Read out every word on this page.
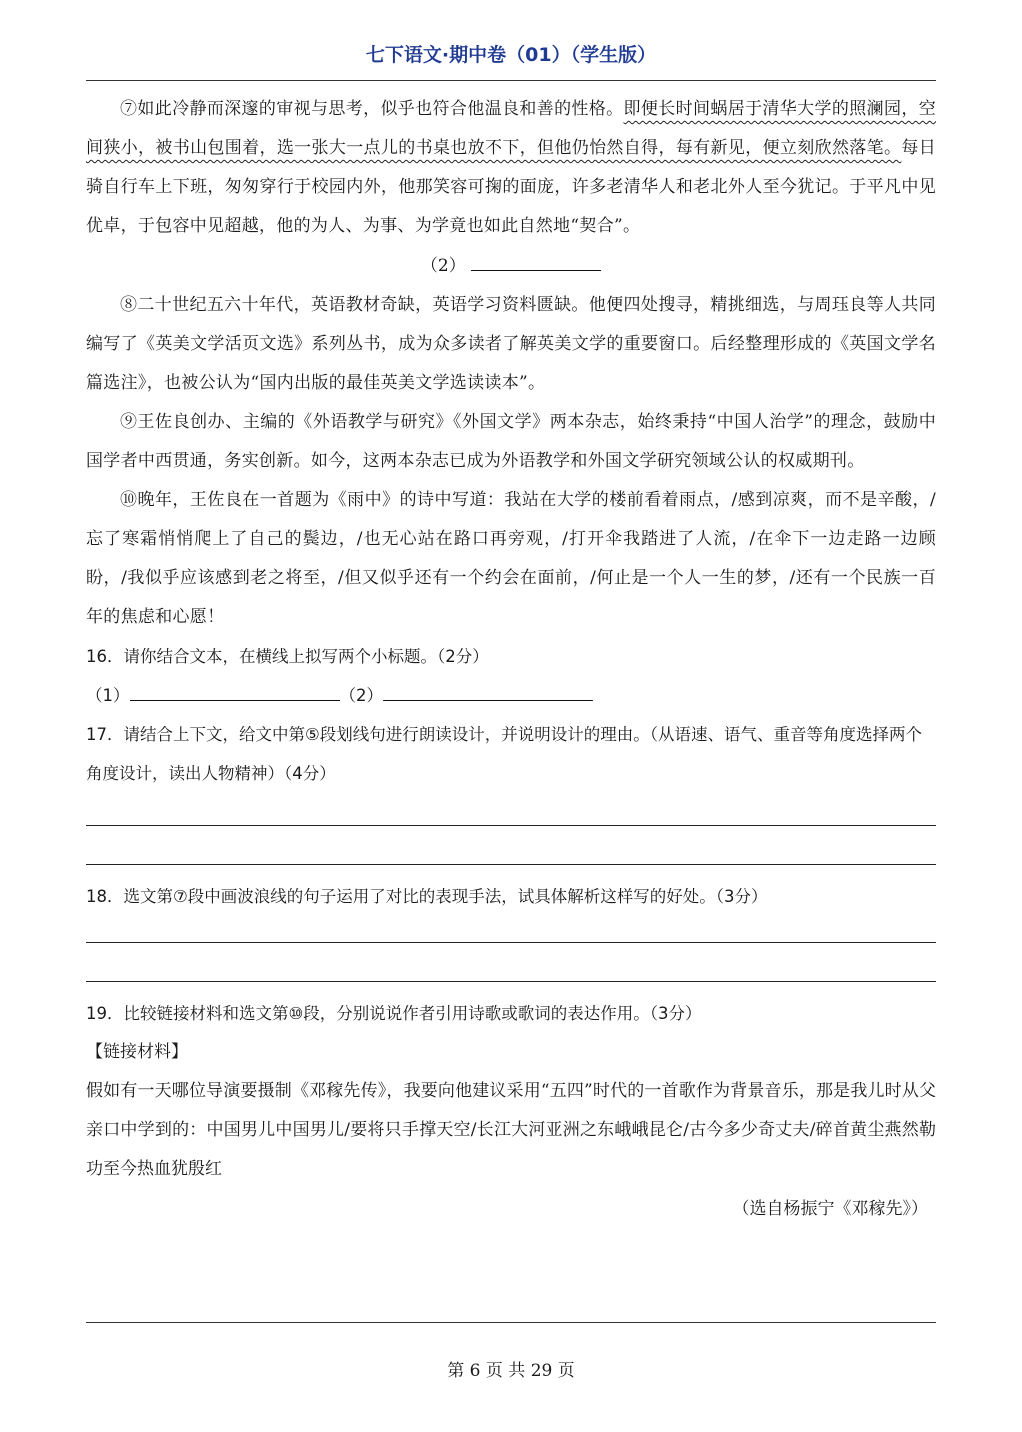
七下语文·期中卷（01）（学生版）

⑦如此冷静而深邃的审视与思考，似乎也符合他温良和善的性格。即便长时间蜗居于清华大学的照澜园，空间狭小，被书山包围着，选一张大一点儿的书桌也放不下，但他仍怡然自得，每有新见，便立刻欣然落笔。每日骑自行车上下班，匆匆穿行于校园内外，他那笑容可掬的面庞，许多老清华人和老北外人至今犹记。于平凡中见优卓，于包容中见超越，他的为人、为事、为学竟也如此自然地“契合”。

（2）

⑧二十世纪五六十年代，英语教材奇缺，英语学习资料匮缺。他便四处搜寻，精挑细选，与周珏良等人共同编写了《英美文学活页文选》系列丛书，成为众多读者了解英美文学的重要窗口。后经整理形成的《英国文学名篇选注》，也被公认为“国内出版的最佳英美文学选读读本”。

⑨王佐良创办、主编的《外语教学与研究》《外国文学》两本杂志，始终秉持“中国人治学”的理念，鼓励中国学者中西贯通，务实创新。如今，这两本杂志已成为外语教学和外国文学研究领域公认的权威期刊。

⑩晚年，王佐良在一首题为《雨中》的诗中写道：我站在大学的楼前看着雨点，/感到凉爽，而不是辛酸，/忘了寒霜悄悄爬上了自己的鬓边，/也无心站在路口再旁观，/打开伞我踏进了人流，/在伞下一边走路一边顾盼，/我似乎应该感到老之将至，/但又似乎还有一个约会在面前，/何止是一个人一生的梦，/还有一个民族一百年的焦虑和心愿！

16．请你结合文本，在横线上拟写两个小标题。（2分）

（1）	（2）

17．请结合上下文，给文中第⑤段划线句进行朗读设计，并说明设计的理由。（从语速、语气、重音等角度选择两个角度设计，读出人物精神）（4分）

18．选文第⑦段中画波浪线的句子运用了对比的表现手法，试具体解析这样写的好处。（3分）

19．比较链接材料和选文第⑩段，分别说说作者引用诗歌或歌词的表达作用。（3分）

【链接材料】

假如有一天哪位导演要摄制《邓稼先传》，我要向他建议采用“五四”时代的一首歌作为背景音乐，那是我儿时从父亲口中学到的：中国男儿中国男儿/要将只手撑天空/长江大河亚洲之东峨峨昆仑/古今多少奇丈夫/碎首黄尘燕然勒功至今热血犹殷红

（选自杨振宁《邓稼先》）

第 6 页 共 29 页
